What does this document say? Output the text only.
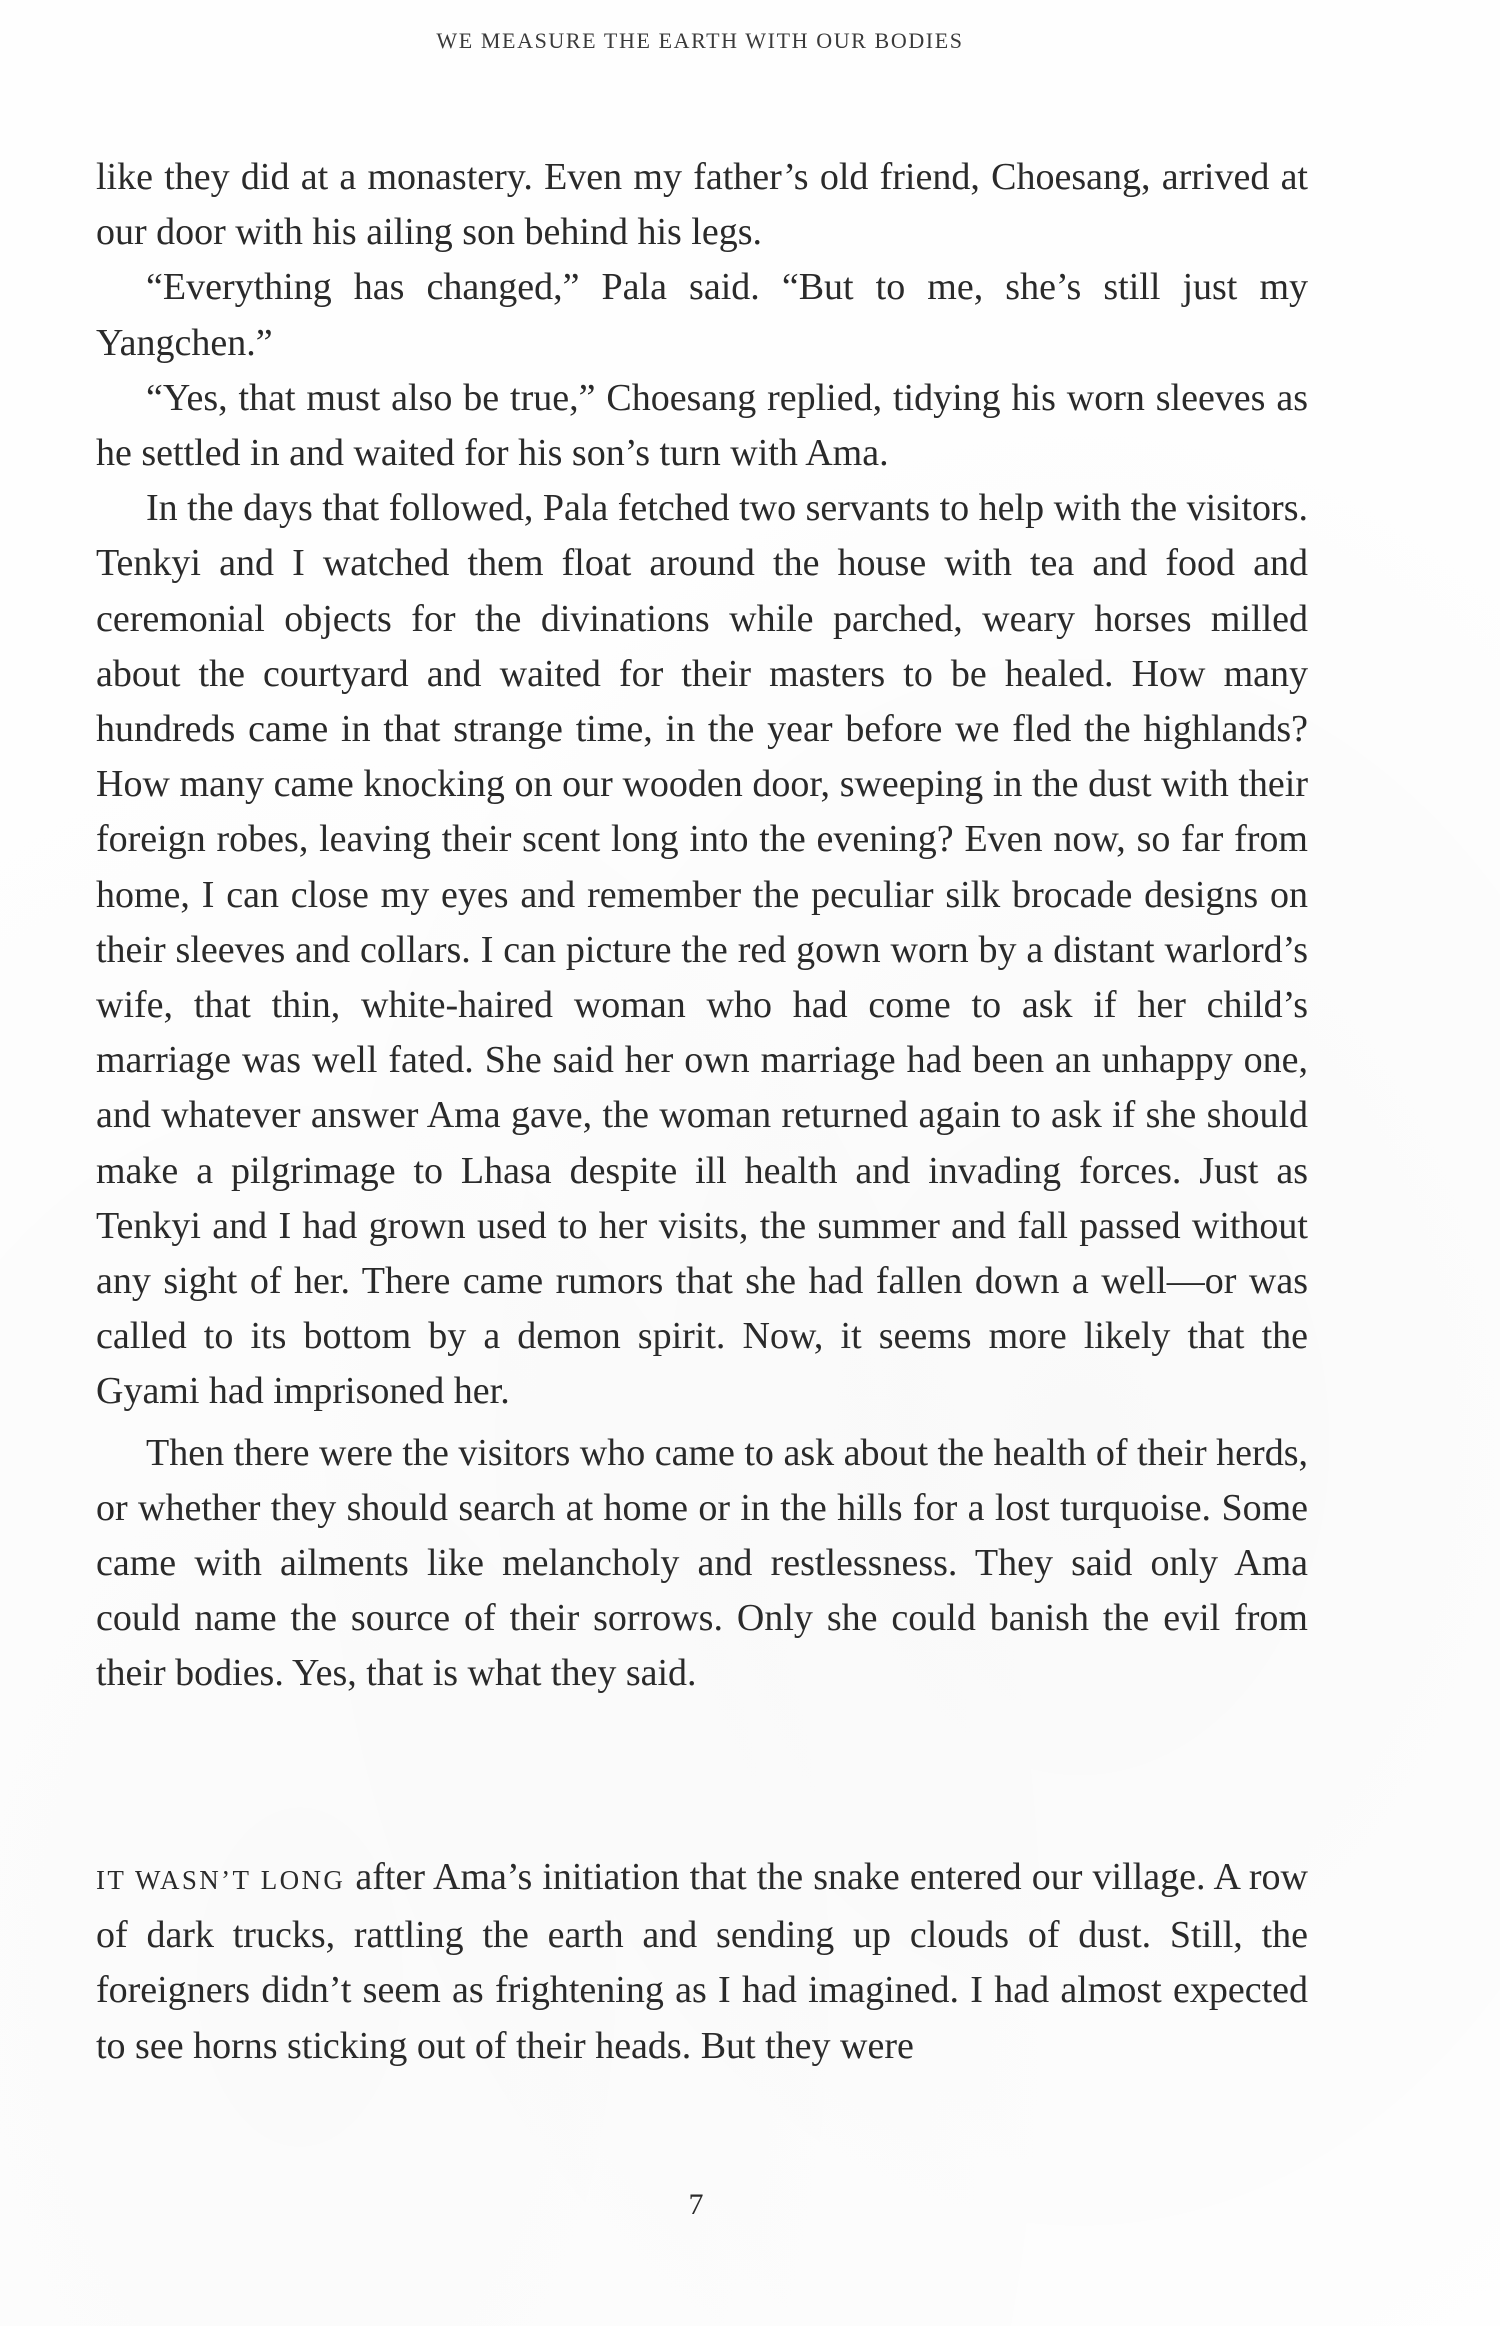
WE MEASURE THE EARTH WITH OUR BODIES

like they did at a monastery. Even my father’s old friend, Choesang, arrived at our door with his ailing son behind his legs.

“Everything has changed,” Pala said. “But to me, she’s still just my Yangchen.”

“Yes, that must also be true,” Choesang replied, tidying his worn sleeves as he settled in and waited for his son’s turn with Ama.

In the days that followed, Pala fetched two servants to help with the visitors. Tenkyi and I watched them float around the house with tea and food and ceremonial objects for the divinations while parched, weary horses milled about the courtyard and waited for their masters to be healed. How many hundreds came in that strange time, in the year before we fled the highlands? How many came knocking on our wooden door, sweeping in the dust with their foreign robes, leaving their scent long into the evening? Even now, so far from home, I can close my eyes and remember the peculiar silk brocade designs on their sleeves and collars. I can picture the red gown worn by a distant warlord’s wife, that thin, white-haired woman who had come to ask if her child’s marriage was well fated. She said her own marriage had been an unhappy one, and whatever answer Ama gave, the woman returned again to ask if she should make a pilgrimage to Lhasa despite ill health and invading forces. Just as Tenkyi and I had grown used to her visits, the summer and fall passed without any sight of her. There came rumors that she had fallen down a well—or was called to its bottom by a demon spirit. Now, it seems more likely that the Gyami had imprisoned her.

Then there were the visitors who came to ask about the health of their herds, or whether they should search at home or in the hills for a lost turquoise. Some came with ailments like melancholy and restlessness. They said only Ama could name the source of their sorrows. Only she could banish the evil from their bodies. Yes, that is what they said.

IT WASN’T LONG after Ama’s initiation that the snake entered our village. A row of dark trucks, rattling the earth and sending up clouds of dust. Still, the foreigners didn’t seem as frightening as I had imagined. I had almost expected to see horns sticking out of their heads. But they were

7
